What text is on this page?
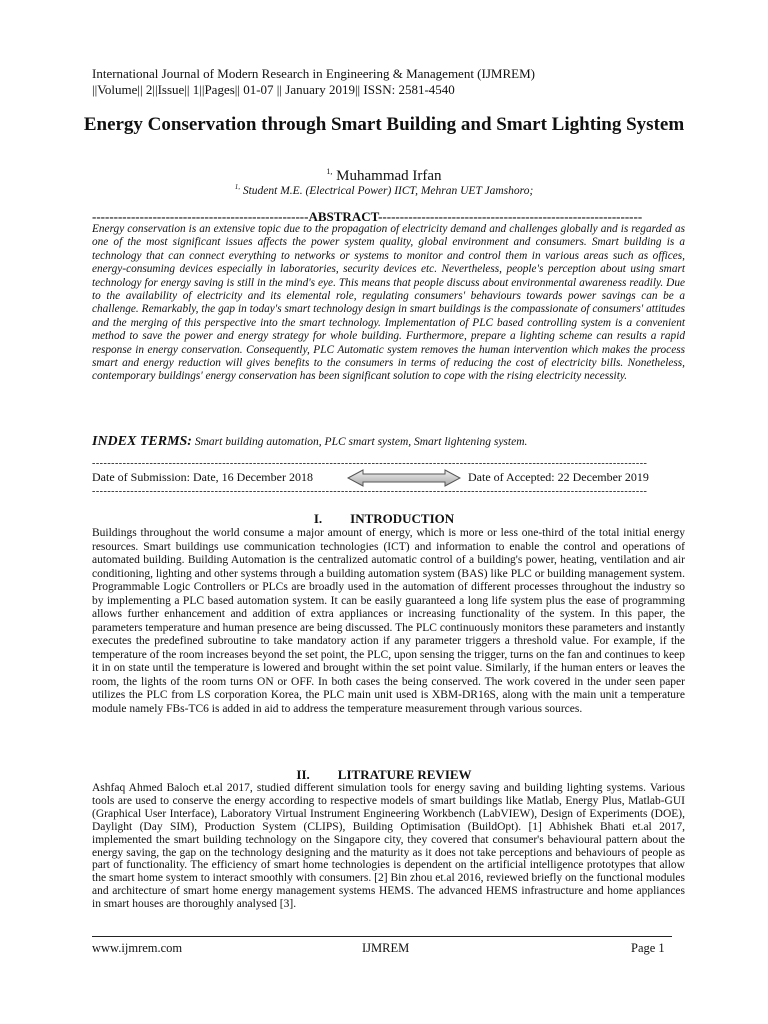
International Journal of Modern Research in Engineering & Management (IJMREM)
||Volume|| 2||Issue|| 1||Pages|| 01-07 || January 2019|| ISSN: 2581-4540
Energy Conservation through Smart Building and Smart Lighting System
$^{1,}$ Muhammad Irfan
$^{1,}$ Student M.E. (Electrical Power) IICT, Mehran UET Jamshoro;
--------------------------------------------------ABSTRACT-------------------------------------------------------------
Energy conservation is an extensive topic due to the propagation of electricity demand and challenges globally and is regarded as one of the most significant issues affects the power system quality, global environment and consumers. Smart building is a technology that can connect everything to networks or systems to monitor and control them in various areas such as offices, energy-consuming devices especially in laboratories, security devices etc. Nevertheless, people's perception about using smart technology for energy saving is still in the mind's eye. This means that people discuss about environmental awareness readily. Due to the availability of electricity and its elemental role, regulating consumers' behaviours towards power savings can be a challenge. Remarkably, the gap in today's smart technology design in smart buildings is the compassionate of consumers' attitudes and the merging of this perspective into the smart technology. Implementation of PLC based controlling system is a convenient method to save the power and energy strategy for whole building. Furthermore, prepare a lighting scheme can results a rapid response in energy conservation. Consequently, PLC Automatic system removes the human intervention which makes the process smart and energy reduction will gives benefits to the consumers in terms of reducing the cost of electricity bills. Nonetheless, contemporary buildings' energy conservation has been significant solution to cope with the rising electricity necessity.
INDEX TERMS: Smart building automation, PLC smart system, Smart lightening system.
-------------------------------------------------------------------------------------------------------------------------------------------------
Date of Submission: Date, 16 December 2018	Date of Accepted: 22 December 2019
-------------------------------------------------------------------------------------------------------------------------------------------------
I. INTRODUCTION
Buildings throughout the world consume a major amount of energy, which is more or less one-third of the total initial energy resources. Smart buildings use communication technologies (ICT) and information to enable the control and operations of automated building. Building Automation is the centralized automatic control of a building's power, heating, ventilation and air conditioning, lighting and other systems through a building automation system (BAS) like PLC or building management system. Programmable Logic Controllers or PLCs are broadly used in the automation of different processes throughout the industry so by implementing a PLC based automation system. It can be easily guaranteed a long life system plus the ease of programming allows further enhancement and addition of extra appliances or increasing functionality of the system. In this paper, the parameters temperature and human presence are being discussed. The PLC continuously monitors these parameters and instantly executes the predefined subroutine to take mandatory action if any parameter triggers a threshold value. For example, if the temperature of the room increases beyond the set point, the PLC, upon sensing the trigger, turns on the fan and continues to keep it in on state until the temperature is lowered and brought within the set point value. Similarly, if the human enters or leaves the room, the lights of the room turns ON or OFF. In both cases the being conserved. The work covered in the under seen paper utilizes the PLC from LS corporation Korea, the PLC main unit used is XBM-DR16S, along with the main unit a temperature module namely FBs-TC6 is added in aid to address the temperature measurement through various sources.
II. LITRATURE REVIEW
Ashfaq Ahmed Baloch et.al 2017, studied different simulation tools for energy saving and building lighting systems. Various tools are used to conserve the energy according to respective models of smart buildings like Matlab, Energy Plus, Matlab-GUI (Graphical User Interface), Laboratory Virtual Instrument Engineering Workbench (LabVIEW), Design of Experiments (DOE), Daylight (Day SIM), Production System (CLIPS), Building Optimisation (BuildOpt). [1] Abhishek Bhati et.al 2017, implemented the smart building technology on the Singapore city, they covered that consumer's behavioural pattern about the energy saving, the gap on the technology designing and the maturity as it does not take perceptions and behaviours of people as part of functionality. The efficiency of smart home technologies is dependent on the artificial intelligence prototypes that allow the smart home system to interact smoothly with consumers. [2] Bin zhou et.al 2016, reviewed briefly on the functional modules and architecture of smart home energy management systems HEMS. The advanced HEMS infrastructure and home appliances in smart houses are thoroughly analysed [3].
www.ijmrem.com	IJMREM	Page 1
